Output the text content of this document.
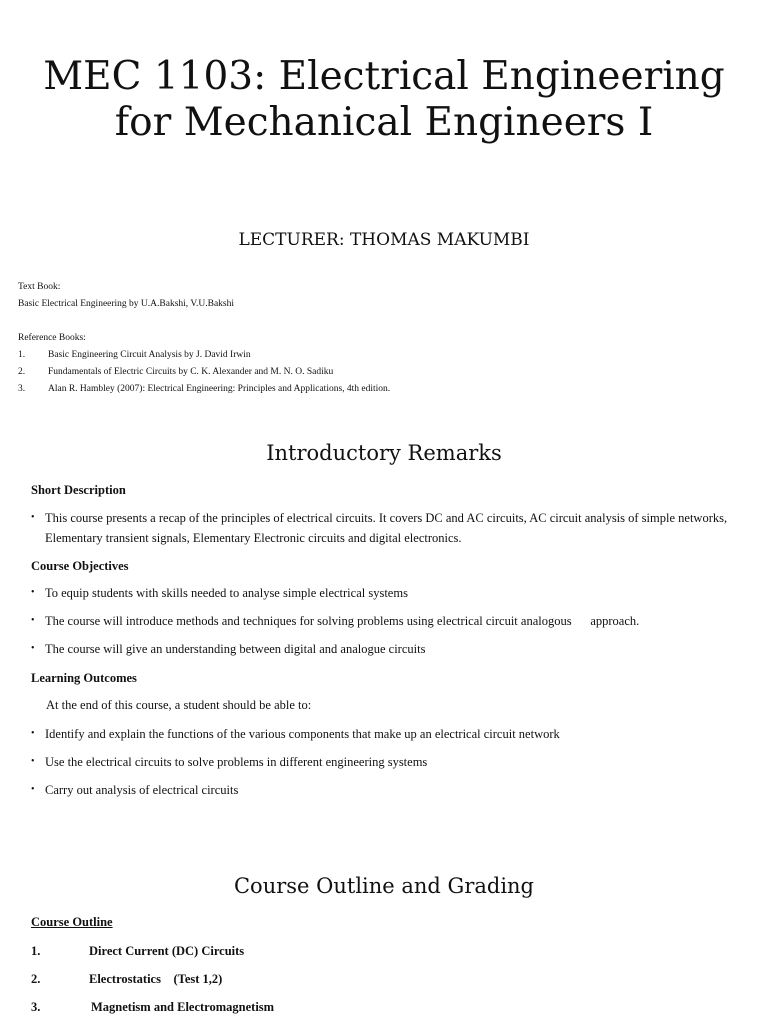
MEC 1103: Electrical Engineering for Mechanical Engineers I
LECTURER: THOMAS MAKUMBI
Text Book:
Basic Electrical Engineering by U.A.Bakshi, V.U.Bakshi
Reference Books:
1. Basic Engineering Circuit Analysis by J. David Irwin
2. Fundamentals of Electric Circuits by C. K. Alexander and M. N. O. Sadiku
3. Alan R. Hambley (2007): Electrical Engineering: Principles and Applications, 4th edition.
Introductory Remarks
Short Description
• This course presents a recap of the principles of electrical circuits. It covers DC and AC circuits, AC circuit analysis of simple networks, Elementary transient signals, Elementary Electronic circuits and digital electronics.
Course Objectives
• To equip students with skills needed to analyse simple electrical systems
• The course will introduce methods and techniques for solving problems using electrical circuit analogous      approach.
• The course will give an understanding between digital and analogue circuits
Learning Outcomes
At the end of this course, a student should be able to:
• Identify and explain the functions of the various components that make up an electrical circuit network
• Use the electrical circuits to solve problems in different engineering systems
• Carry out analysis of electrical circuits
Course Outline and Grading
Course Outline
1.	Direct Current (DC) Circuits
2.	Electrostatics    (Test 1,2)
3.	Magnetism and Electromagnetism
